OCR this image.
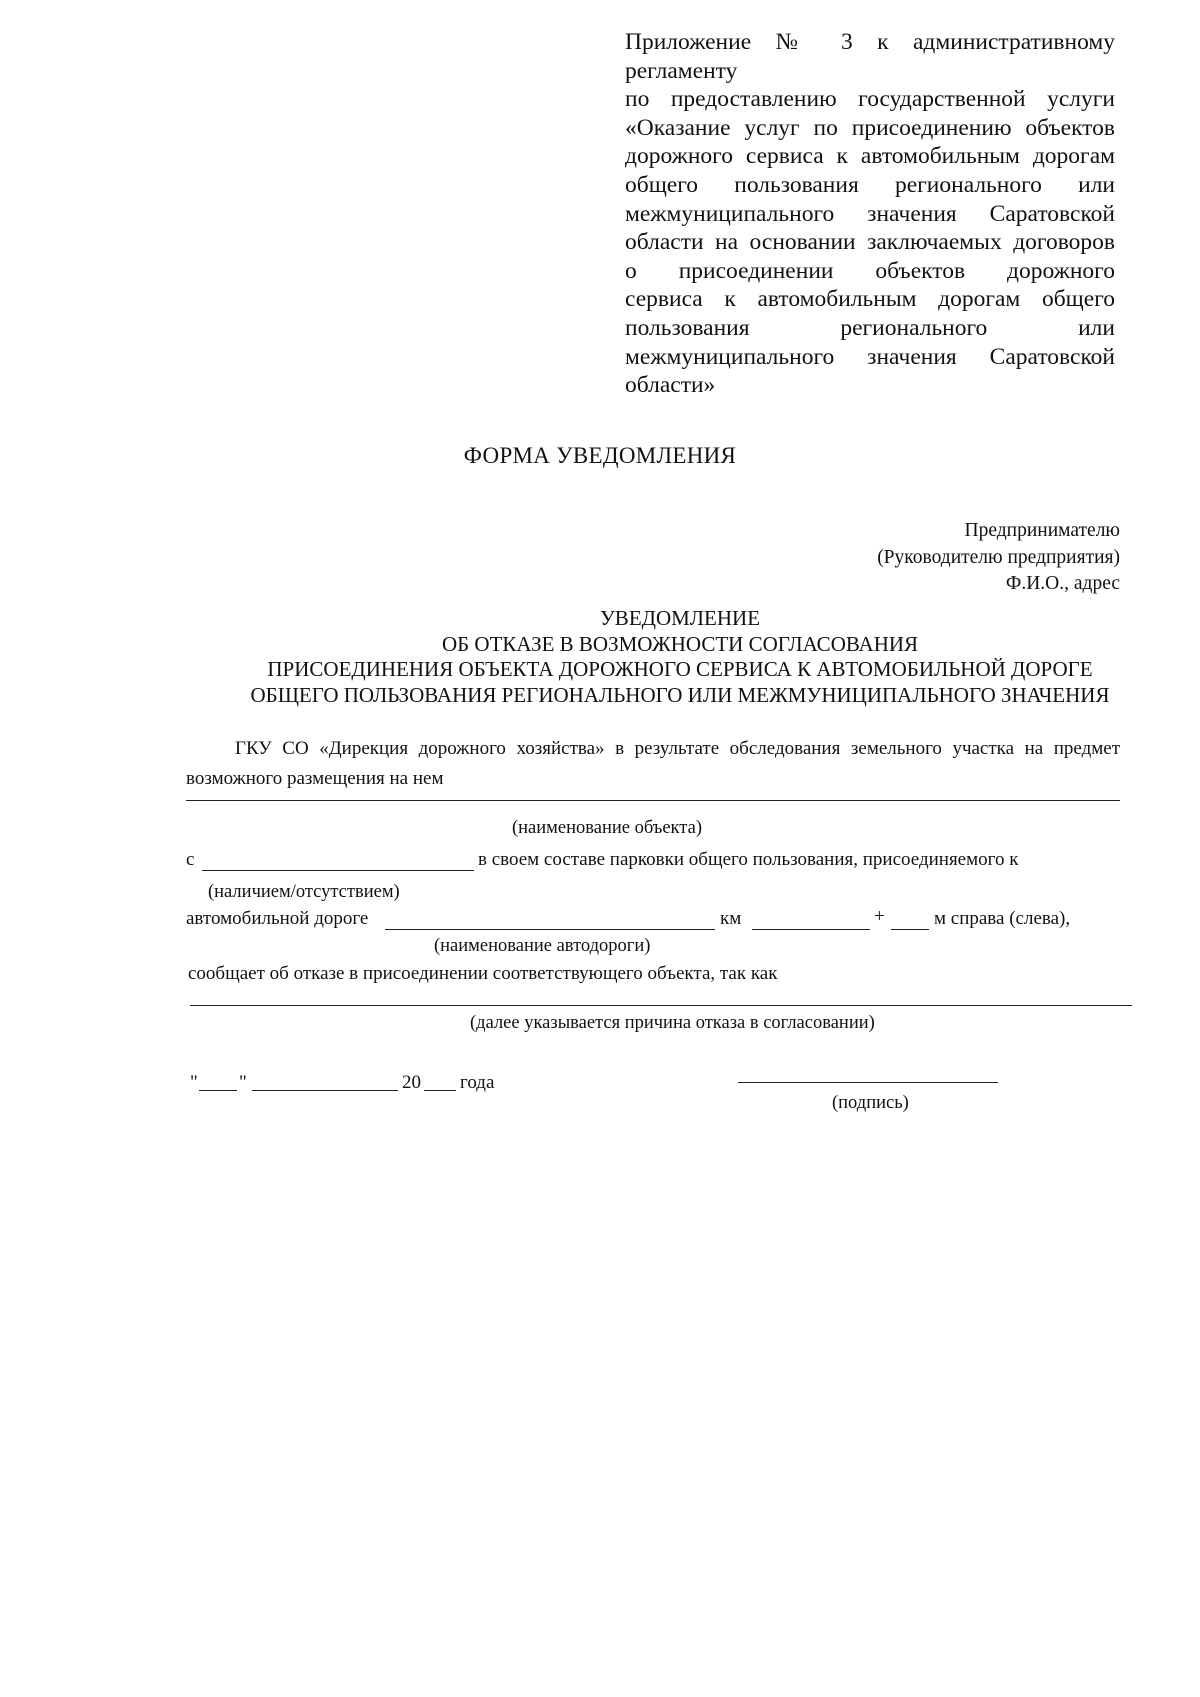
Приложение № 3 к административному
регламенту
по предоставлению государственной услуги
«Оказание услуг по присоединению объектов
дорожного сервиса к автомобильным дорогам
общего пользования регионального или
межмуниципального значения Саратовской
области на основании заключаемых договоров
о присоединении объектов дорожного
сервиса к автомобильным дорогам общего
пользования регионального или
межмуниципального значения Саратовской
области»
ФОРМА УВЕДОМЛЕНИЯ
Предпринимателю
(Руководителю предприятия)
Ф.И.О., адрес
УВЕДОМЛЕНИЕ
ОБ ОТКАЗЕ В ВОЗМОЖНОСТИ СОГЛАСОВАНИЯ
ПРИСОЕДИНЕНИЯ ОБЪЕКТА ДОРОЖНОГО СЕРВИСА К АВТОМОБИЛЬНОЙ ДОРОГЕ
ОБЩЕГО ПОЛЬЗОВАНИЯ РЕГИОНАЛЬНОГО ИЛИ МЕЖМУНИЦИПАЛЬНОГО ЗНАЧЕНИЯ
ГКУ СО «Дирекция дорожного хозяйства» в результате обследования земельного участка на предмет
возможного размещения на нем
(наименование объекта)
с	в своем составе парковки общего пользования, присоединяемого к
(наличием/отсутствием)
автомобильной дороге	км	+	м справа (слева),
(наименование автодороги)
сообщает об отказе в присоединении соответствующего объекта, так как
(далее указывается причина отказа в согласовании)
" "	20 года
(подпись)
